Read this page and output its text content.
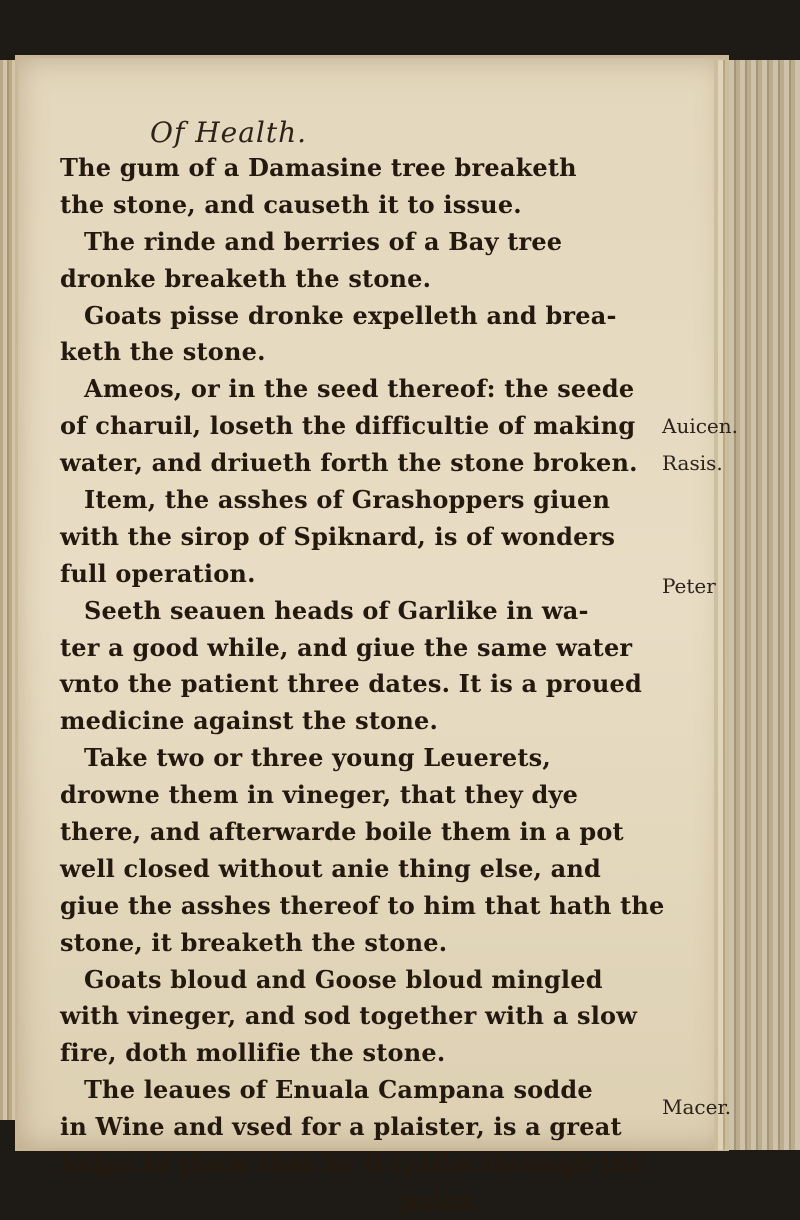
Of Health.
The gum of a Damasine tree breaketh
the stone, and causeth it to issue.
The rinde and berries of a Bay tree
dronke breaketh the stone.
Goats pisse dronke expelleth and brea-
keth the stone.
Ameos, or in the seed thereof: the seede
of charuil, loseth the difficultie of making
water, and driueth forth the stone broken.
Item, the asshes of Grashoppers giuen
with the sirop of Spiknard, is of wonders
full operation.
Seeth seauen heads of Garlike in wa-
ter a good while, and giue the same water
vnto the patient three dates. It is a proued
medicine against the stone.
Take two or three young Leuerets,
drowne them in vineger, that they dye
there, and afterwarde boile them in a pot
well closed without anie thing else, and
giue the asshes thereof to him that hath the
stone, it breaketh the stone.
Goats bloud and Goose bloud mingled
with vineger, and sod together with a slow
fire, doth mollifie the stone.
The leaues of Enuala Campana sodde
in Wine and vsed for a plaister, is a great
helpe to them that be frantike through the
paine
Auicen.
Rasis.
Peter
Macer.
